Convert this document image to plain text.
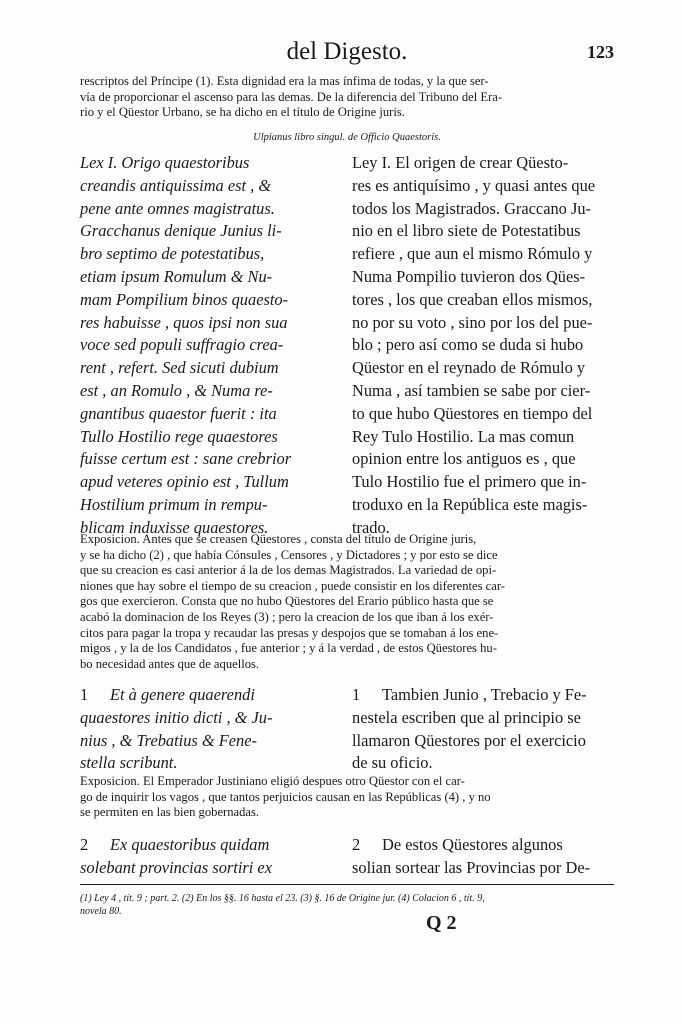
del Digesto.	123
rescriptos del Príncipe (1). Esta dignidad era la mas ínfima de todas, y la que ser-
vía de proporcionar el ascenso para las demas. De la diferencia del Tribuno del Era-
rio y el Qüestor Urbano, se ha dicho en el título de Origine juris.
Ulpianus libro singul. de Officio Quaestoris.
Lex I. Origo quaestoribus
creandis antiquissima est , &
pene ante omnes magistratus.
Gracchanus denique Junius li-
bro septimo de potestatibus,
etiam ipsum Romulum & Nu-
mam Pompilium binos quaesto-
res habuisse , quos ipsi non sua
voce sed populi suffragio crea-
rent , refert. Sed sicuti dubium
est , an Romulo , & Numa re-
gnantibus quaestor fuerit : ita
Tullo Hostilio rege quaestores
fuisse certum est : sane crebrior
apud veteres opinio est , Tullum
Hostilium primum in rempu-
blicam induxisse quaestores.
Ley I. El origen de crear Qüesto-
res es antiquísimo , y quasi antes que
todos los Magistrados. Graccano Ju-
nio en el libro siete de Potestatibus
refiere , que aun el mismo Rómulo y
Numa Pompilio tuvieron dos Qües-
tores , los que creaban ellos mismos,
no por su voto , sino por los del pue-
blo ; pero así como se duda si hubo
Qüestor en el reynado de Rómulo y
Numa , así tambien se sabe por cier-
to que hubo Qüestores en tiempo del
Rey Tulo Hostilio. La mas comun
opinion entre los antiguos es , que
Tulo Hostilio fue el primero que in-
troduxo en la República este magis-
trado.
Exposicion. Antes que se creasen Qüestores , consta del título de Origine juris,
y se ha dicho (2) , que había Cónsules , Censores , y Dictadores ; y por esto se dice
que su creacion es casi anterior á la de los demas Magistrados. La variedad de opi-
niones que hay sobre el tiempo de su creacion , puede consistir en los diferentes car-
gos que exercieron. Consta que no hubo Qüestores del Erario público hasta que se
acabó la dominacion de los Reyes (3) ; pero la creacion de los que iban á los exér-
citos para pagar la tropa y recaudar las presas y despojos que se tomaban á los ene-
migos , y la de los Candidatos , fue anterior ; y á la verdad , de estos Qüestores hu-
bo necesidad antes que de aquellos.
1 Et à genere quaerendi
quaestores initio dicti , & Ju-
nius , & Trebatius & Fene-
stella scribunt.
1 Tambien Junio , Trebacio y Fe-
nestela escriben que al principio se
llamaron Qüestores por el exercicio
de su oficio.
Exposicion. El Emperador Justiniano eligió despues otro Qüestor con el car-
go de inquirir los vagos , que tantos perjuicios causan en las Repúblicas (4) , y no
se permiten en las bien gobernadas.
2 Ex quaestoribus quidam
solebant provincias sortiri ex
2 De estos Qüestores algunos
solian sortear las Provincias por De-
(1) Ley 4 , tít. 9 ; part. 2. (2) En los §§. 16 hasta el 23. (3) §. 16 de Origine jur. (4) Colacion 6 , tít. 9,
novela 80.
Q 2
